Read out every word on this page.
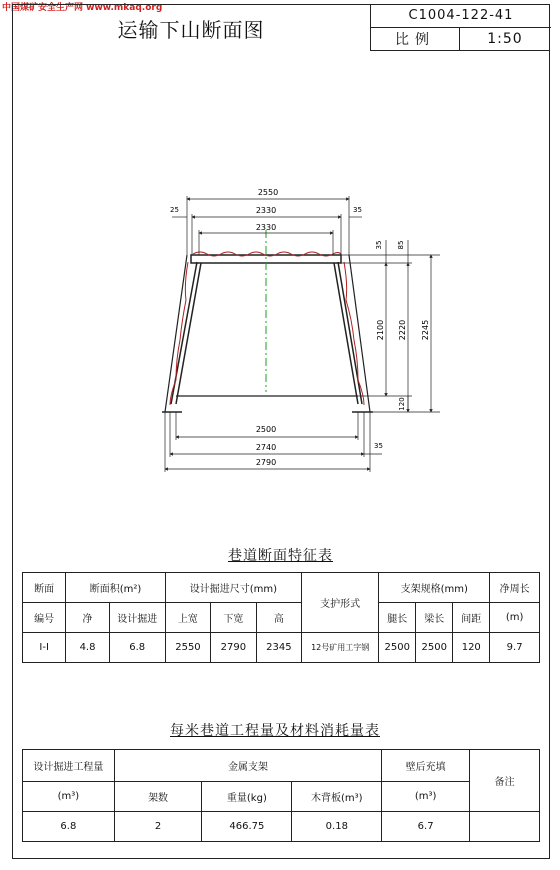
中国煤矿安全生产网 www.mkaq.org
运输下山断面图
C1004-122-41
比例	1:50
2550
2330
2330
25	35
2500
2740
2790
35
35 85
2100 2220 2245
120
巷道断面特征表
断面	断面积(m²)		设计掘进尺寸(mm)			支护形式	支架规格(mm)			净周长
编号	净	设计掘进	上宽	下宽	高		腿长	梁长	间距	(m)
Ⅰ-Ⅰ	4.8	6.8	2550	2790	2345	12号矿用工字钢	2500	2500	120	9.7
每米巷道工程量及材料消耗量表
设计掘进工程量	金属支架			壁后充填	备注
(m³)	架数	重量(kg)	木背板(m³)	(m³)	
6.8	2	466.75	0.18	6.7	
